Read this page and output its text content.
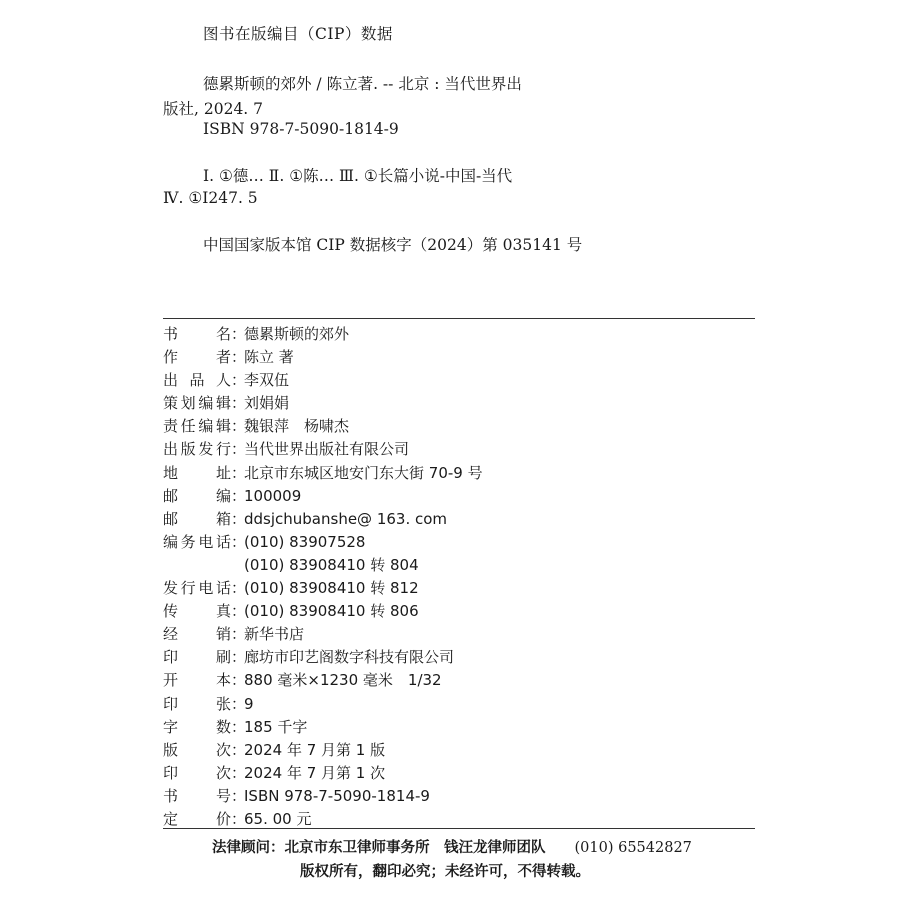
图书在版编目（CIP）数据
德累斯顿的郊外 / 陈立著. -- 北京 : 当代世界出
版社, 2024. 7
ISBN 978-7-5090-1814-9
Ⅰ. ①德… Ⅱ. ①陈… Ⅲ. ①长篇小说-中国-当代
Ⅳ. ①I247. 5
中国国家版本馆 CIP 数据核字（2024）第 035141 号
书	名 ：
德累斯顿的郊外
作	者 ：
陈立 著
出 品 人 ：
李双伍
策 划 编 辑 ：
刘娟娟
责 任 编 辑 ：
魏银萍　杨啸杰
出 版 发 行 ：
当代世界出版社有限公司
地	址 ：
北京市东城区地安门东大街 70-9 号
邮	编 ：
100009
邮	箱 ：
ddsjchubanshe@ 163. com
编 务 电 话 ：
(010) 83907528
(010) 83908410 转 804
发 行 电 话 ：
(010) 83908410 转 812
传	真 ：
(010) 83908410 转 806
经	销 ：
新华书店
印	刷 ：
廊坊市印艺阁数字科技有限公司
开	本 ：
880 毫米×1230 毫米　1/32
印	张 ：
9
字	数 ：
185 千字
版	次 ：
2024 年 7 月第 1 版
印	次 ：
2024 年 7 月第 1 次
书	号 ：
ISBN 978-7-5090-1814-9
定	价 ：
65. 00 元
法律顾问：北京市东卫律师事务所　钱汪龙律师团队　　 (010) 65542827
版权所有，翻印必究；未经许可，不得转载。
